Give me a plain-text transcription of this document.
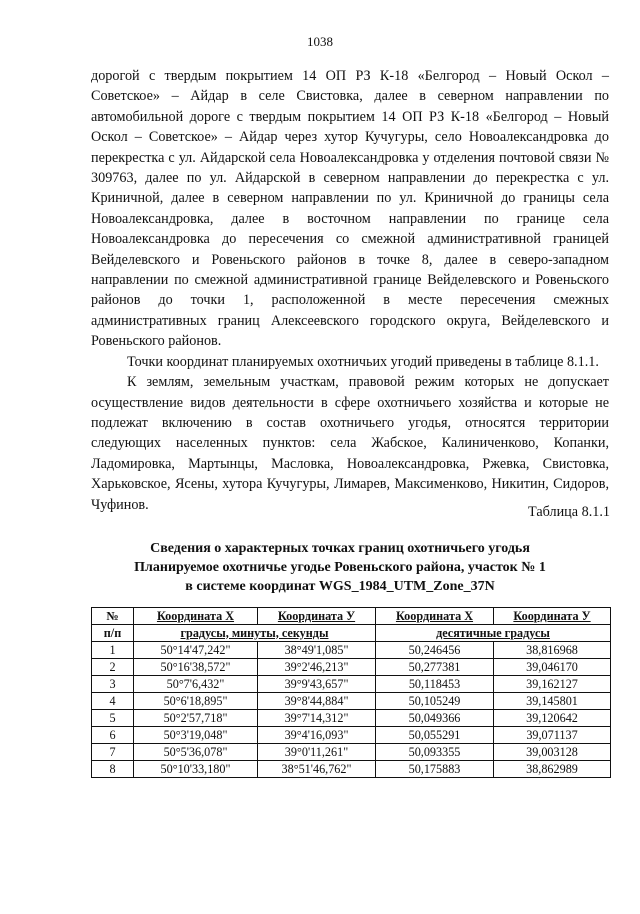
1038

дорогой с твердым покрытием 14 ОП РЗ К-18 «Белгород – Новый Оскол – Советское» – Айдар в селе Свистовка, далее в северном направлении по автомобильной дороге с твердым покрытием 14 ОП РЗ К-18 «Белгород – Новый Оскол – Советское» – Айдар через хутор Кучугуры, село Новоалександровка до перекрестка с ул. Айдарской села Новоалександровка у отделения почтовой связи № 309763, далее по ул. Айдарской в северном направлении до перекрестка с ул. Криничной, далее в северном направлении по ул. Криничной до границы села Новоалександровка, далее в восточном направлении по границе села Новоалександровка до пересечения со смежной административной границей Вейделевского и Ровеньского районов в точке 8, далее в северо-западном направлении по смежной административной границе Вейделевского и Ровеньского районов до точки 1, расположенной в месте пересечения смежных административных границ Алексеевского городского округа, Вейделевского и Ровеньского районов.

Точки координат планируемых охотничьих угодий приведены в таблице 8.1.1.

К землям, земельным участкам, правовой режим которых не допускает осуществление видов деятельности в сфере охотничьего хозяйства и которые не подлежат включению в состав охотничьего угодья, относятся территории следующих населенных пунктов: села Жабское, Калиниченково, Копанки, Ладомировка, Мартынцы, Масловка, Новоалександровка, Ржевка, Свистовка, Харьковское, Ясены, хутора Кучугуры, Лимарев, Максименково, Никитин, Сидоров, Чуфинов.	Таблица 8.1.1
Сведения о характерных точках границ охотничьего угодья
Планируемое охотничье угодье Ровеньского района, участок № 1
в системе координат WGS_1984_UTM_Zone_37N
№	Координата X	Координата У	Координата X	Координата У
п/п	градусы, минуты, секунды		десятичные градусы	
1	50°14'47,242"	38°49'1,085"	50,246456	38,816968
2	50°16'38,572"	39°2'46,213"	50,277381	39,046170
3	50°7'6,432"	39°9'43,657"	50,118453	39,162127
4	50°6'18,895"	39°8'44,884"	50,105249	39,145801
5	50°2'57,718"	39°7'14,312"	50,049366	39,120642
6	50°3'19,048"	39°4'16,093"	50,055291	39,071137
7	50°5'36,078"	39°0'11,261"	50,093355	39,003128
8	50°10'33,180"	38°51'46,762"	50,175883	38,862989
